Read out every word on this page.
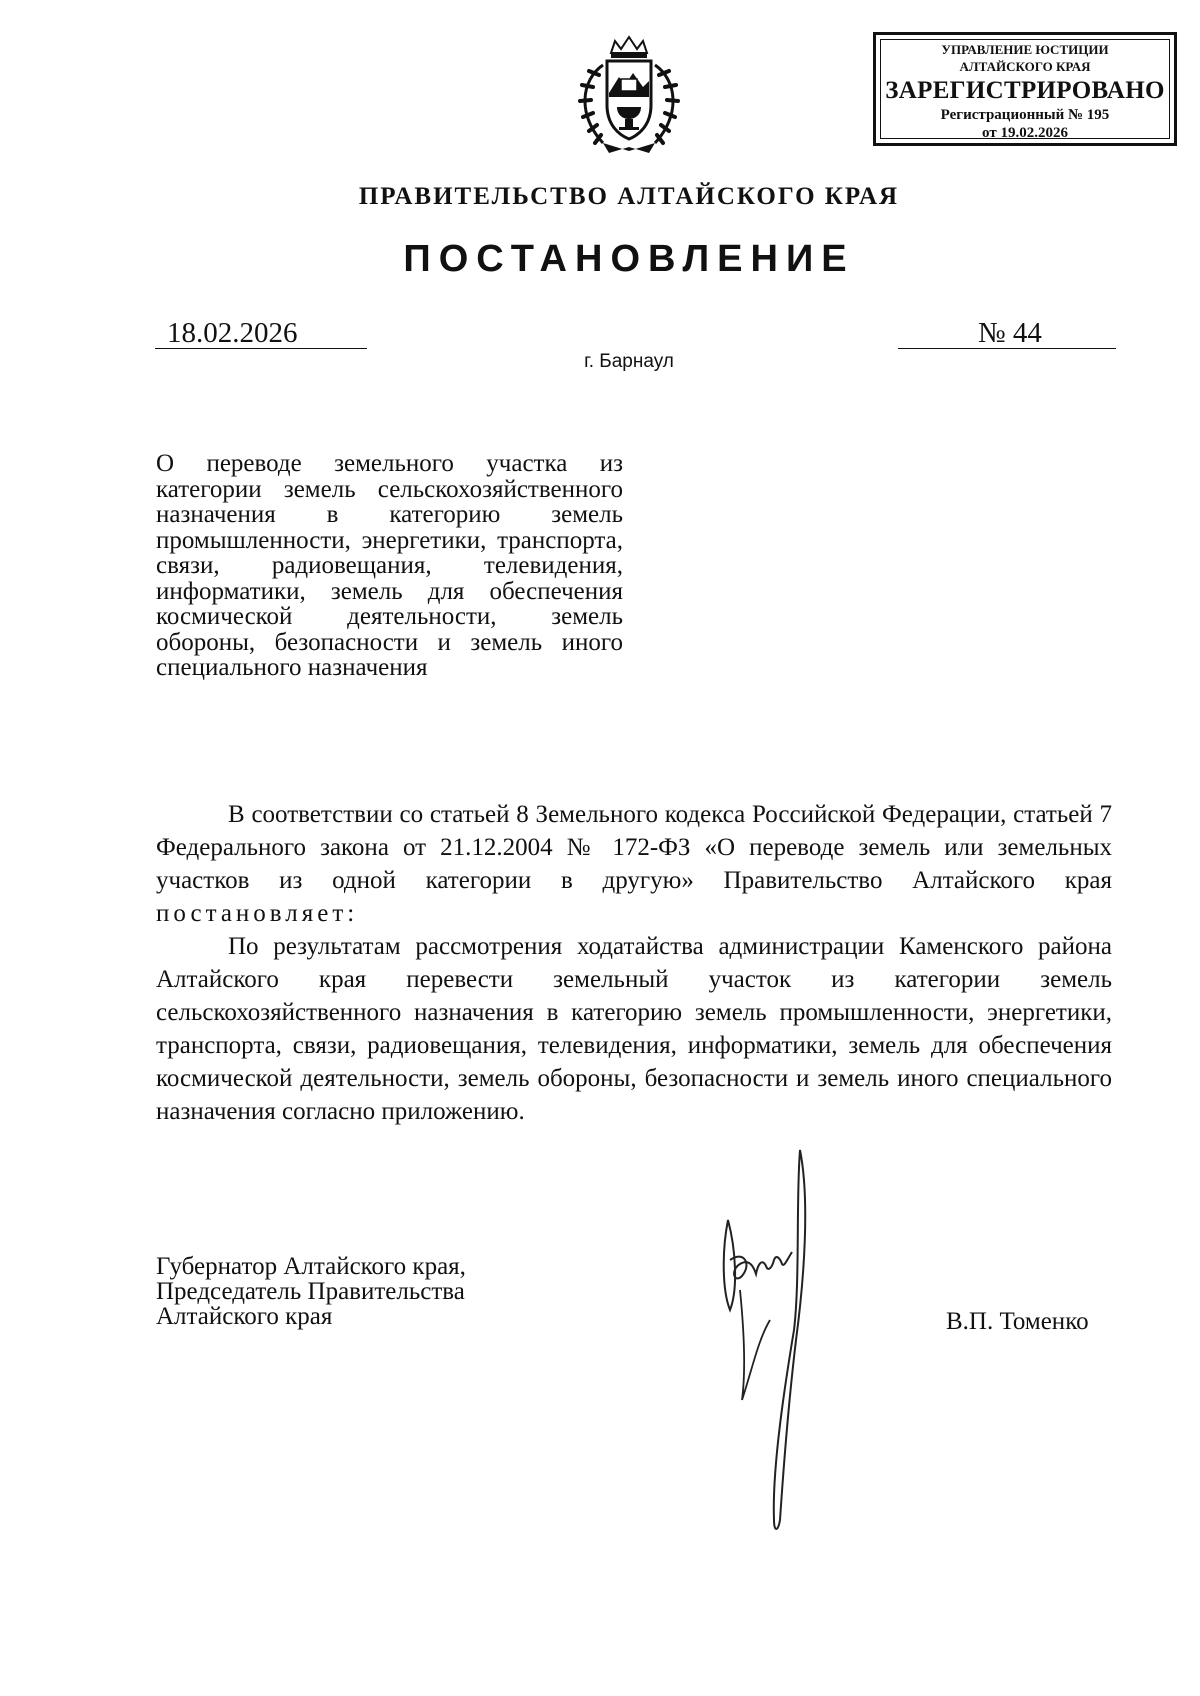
УПРАВЛЕНИЕ ЮСТИЦИИ
АЛТАЙСКОГО КРАЯ
ЗАРЕГИСТРИРОВАНО
Регистрационный № 195
от 19.02.2026
ПРАВИТЕЛЬСТВО АЛТАЙСКОГО КРАЯ
ПОСТАНОВЛЕНИЕ
18.02.2026	№ 44
г. Барнаул
О переводе земельного участка из категории земель сельскохозяйственного назначения в категорию земель промышленности, энергетики, транспорта, связи, радиовещания, телевидения, информатики, земель для обеспечения космической деятельности, земель обороны, безопасности и земель иного специального назначения

В соответствии со статьей 8 Земельного кодекса Российской Федерации, статьей 7 Федерального закона от 21.12.2004 № 172-ФЗ «О переводе земель или земельных участков из одной категории в другую» Правительство Алтайского края постановляет:

По результатам рассмотрения ходатайства администрации Каменского района Алтайского края перевести земельный участок из категории земель сельскохозяйственного назначения в категорию земель промышленности, энергетики, транспорта, связи, радиовещания, телевидения, информатики, земель для обеспечения космической деятельности, земель обороны, безопасности и земель иного специального назначения согласно приложению.

Губернатор Алтайского края,
Председатель Правительства
Алтайского края	В.П. Томенко
